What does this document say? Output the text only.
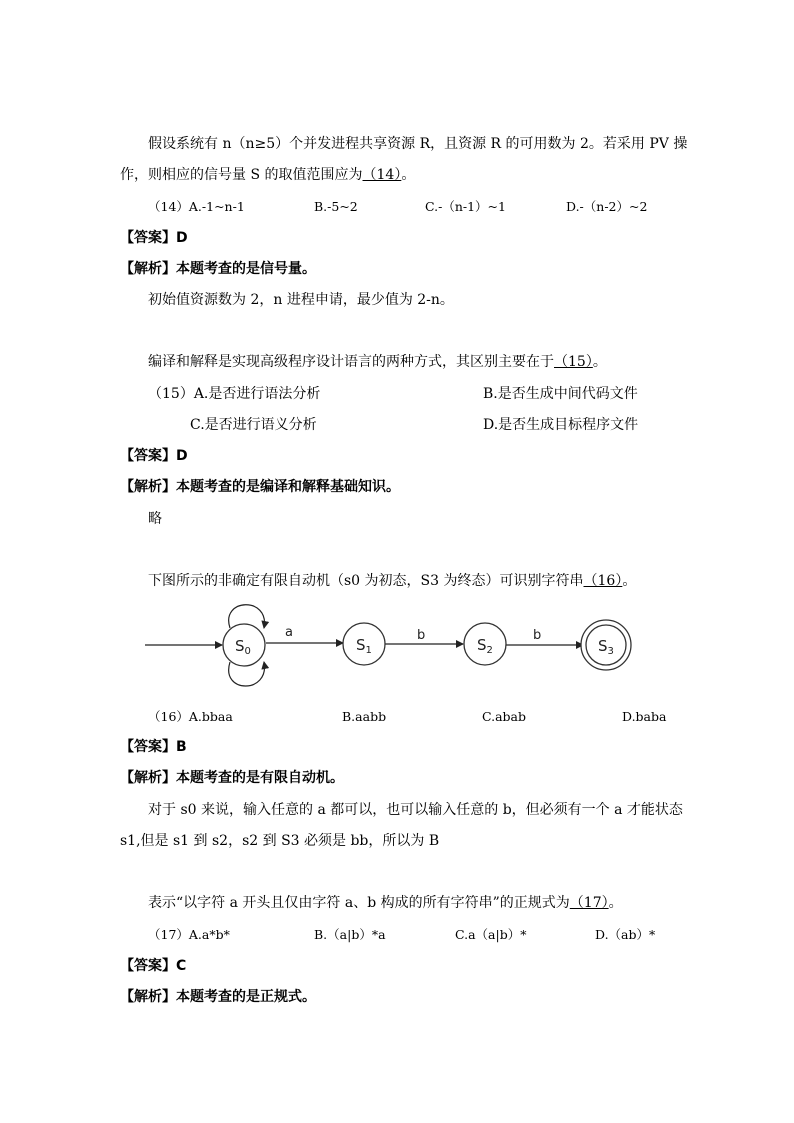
假设系统有 n（n≥5）个并发进程共享资源 R，且资源 R 的可用数为 2。若采用 PV 操
作，则相应的信号量 S 的取值范围应为（14）。
（14）A.-1~n-1	B.-5~2	C.-（n-1）~1	D.-（n-2）~2
【答案】D
【解析】本题考查的是信号量。
初始值资源数为 2，n 进程申请，最少值为 2-n。
编译和解释是实现高级程序设计语言的两种方式，其区别主要在于（15）。
（15）A.是否进行语法分析	B.是否生成中间代码文件
C.是否进行语义分析	D.是否生成目标程序文件
【答案】D
【解析】本题考查的是编译和解释基础知识。
略
下图所示的非确定有限自动机（s0 为初态，S3 为终态）可识别字符串（16）。
a	b	b
$S_0$	$S_1$	$S_2$	$S_3$
（16）A.bbaa	B.aabb	C.abab	D.baba
【答案】B
【解析】本题考查的是有限自动机。
对于 s0 来说，输入任意的 a 都可以，也可以输入任意的 b，但必须有一个 a 才能状态
s1,但是 s1 到 s2，s2 到 S3 必须是 bb，所以为 B
表示“以字符 a 开头且仅由字符 a、b 构成的所有字符串”的正规式为（17）。
（17）A.a*b*	B.（a|b）*a	C.a（a|b）*	D.（ab）*
【答案】C
【解析】本题考查的是正规式。
